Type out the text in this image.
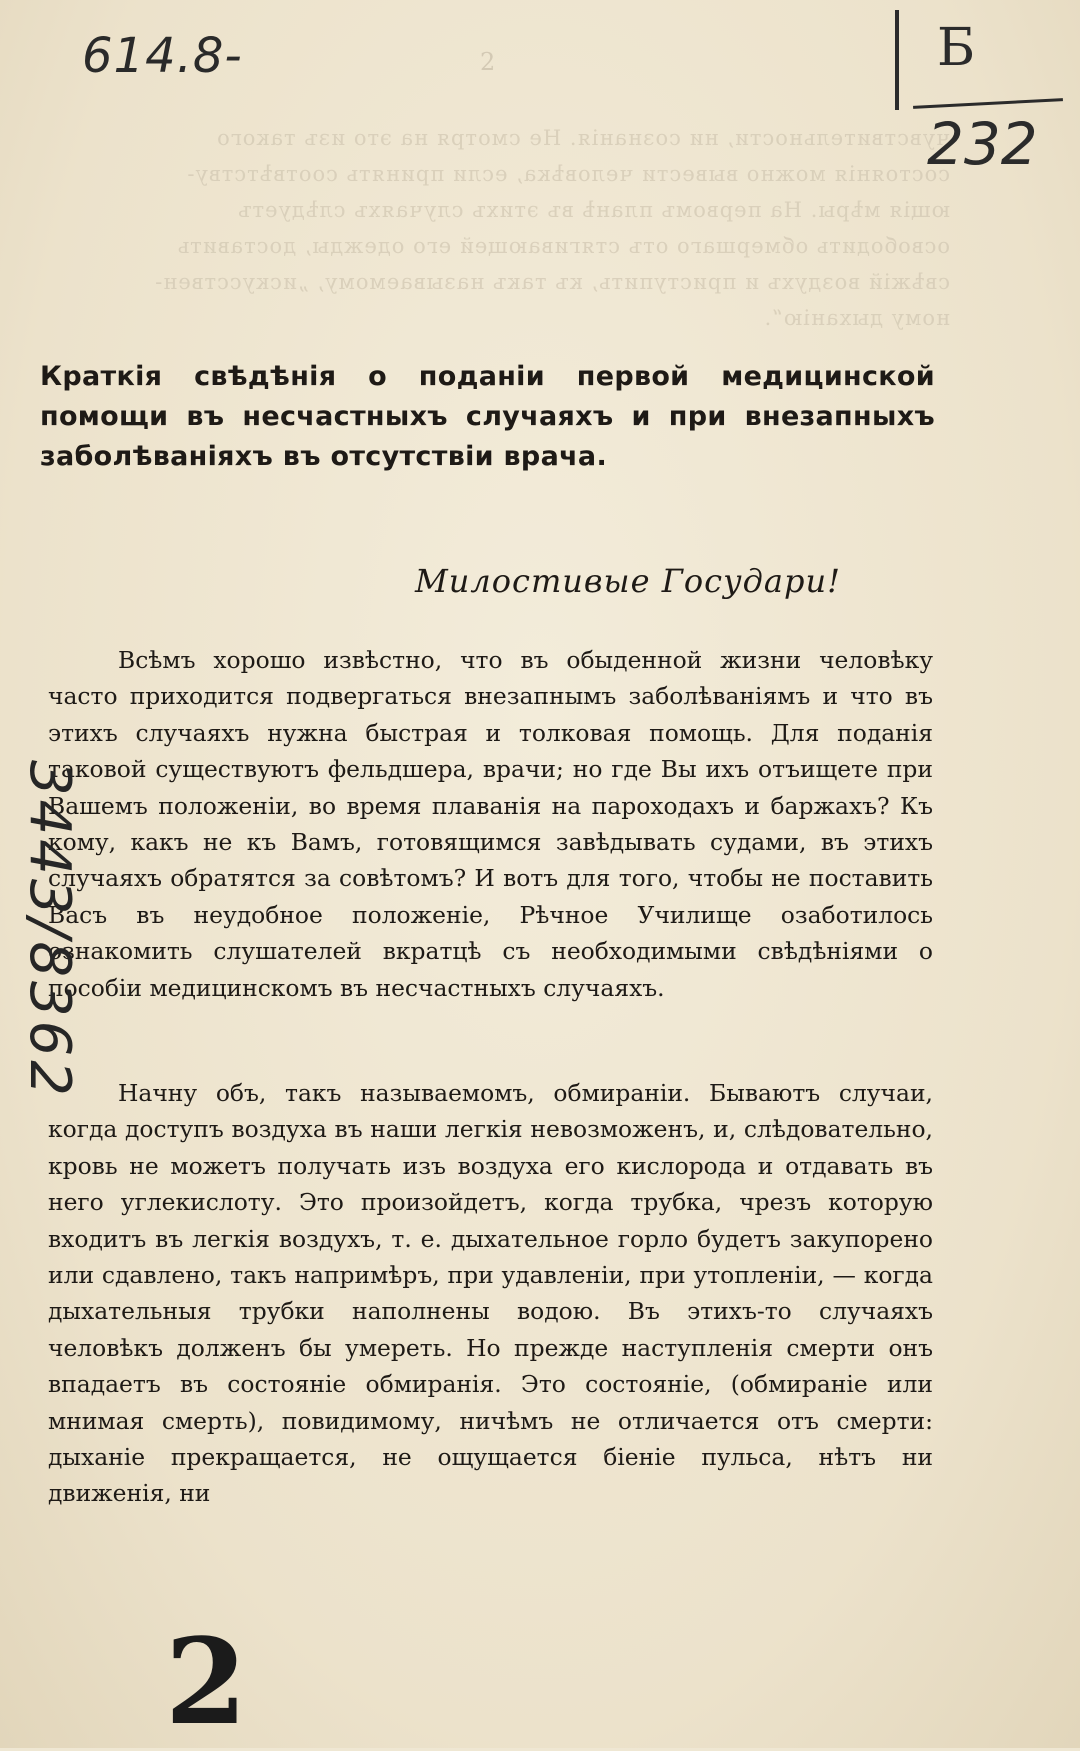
чувствительности, ни сознанія. Не смотря на это изъ такого

состоянія можно вывести человѣка, если принять соотвѣтству-

ющія мѣры. На первомъ планѣ въ этихъ случаяхъ слѣдуетъ

освободить обмершаго отъ стягивающей его одежды, доставить

свѣжій воздухъ и приступить, къ такъ называемому, „искусствен-

ному дыханію“.

2
614.8-	Б
232
Краткія свѣдѣнія о поданіи первой медицинской помощи въ несчастныхъ случаяхъ и при внезапныхъ заболѣваніяхъ въ отсутствіи врача.

Милостивые Государи!

Всѣмъ хорошо извѣстно, что въ обыденной жизни человѣку часто приходится подвергаться внезапнымъ заболѣваніямъ и что въ этихъ случаяхъ нужна быстрая и толковая помощь. Для поданія таковой существуютъ фельдшера, врачи; но где Вы ихъ отъищете при Вашемъ положеніи, во время плаванія на пароходахъ и баржахъ? Къ кому, какъ не къ Вамъ, готовящимся завѣдывать судами, въ этихъ случаяхъ обратятся за совѣтомъ? И вотъ для того, чтобы не поставить Васъ въ неудобное положеніе, Рѣчное Училище озаботилось ознакомить слушателей вкратцѣ съ необходимыми свѣдѣніями о пособіи медицинскомъ въ несчастныхъ случаяхъ.

Начну объ, такъ называемомъ, обмираніи. Бываютъ случаи, когда доступъ воздуха въ наши легкія невозможенъ, и, слѣдовательно, кровь не можетъ получать изъ воздуха его кислорода и отдавать въ него углекислоту. Это произойдетъ, когда трубка, чрезъ которую входитъ въ легкія воздухъ, т. е. дыхательное горло будетъ закупорено или сдавлено, такъ напримѣръ, при удавленіи, при утопленіи, — когда дыхательныя трубки наполнены водою. Въ этихъ-то случаяхъ человѣкъ долженъ бы умереть. Но прежде наступленія смерти онъ впадаетъ въ состояніе обмиранія. Это состояніе, (обмираніе или мнимая смерть), повидимому, ничѣмъ не отличается отъ смерти: дыханіе прекращается, не ощущается біеніе пульса, нѣтъ ни движенія, ни

3443/8362
2
